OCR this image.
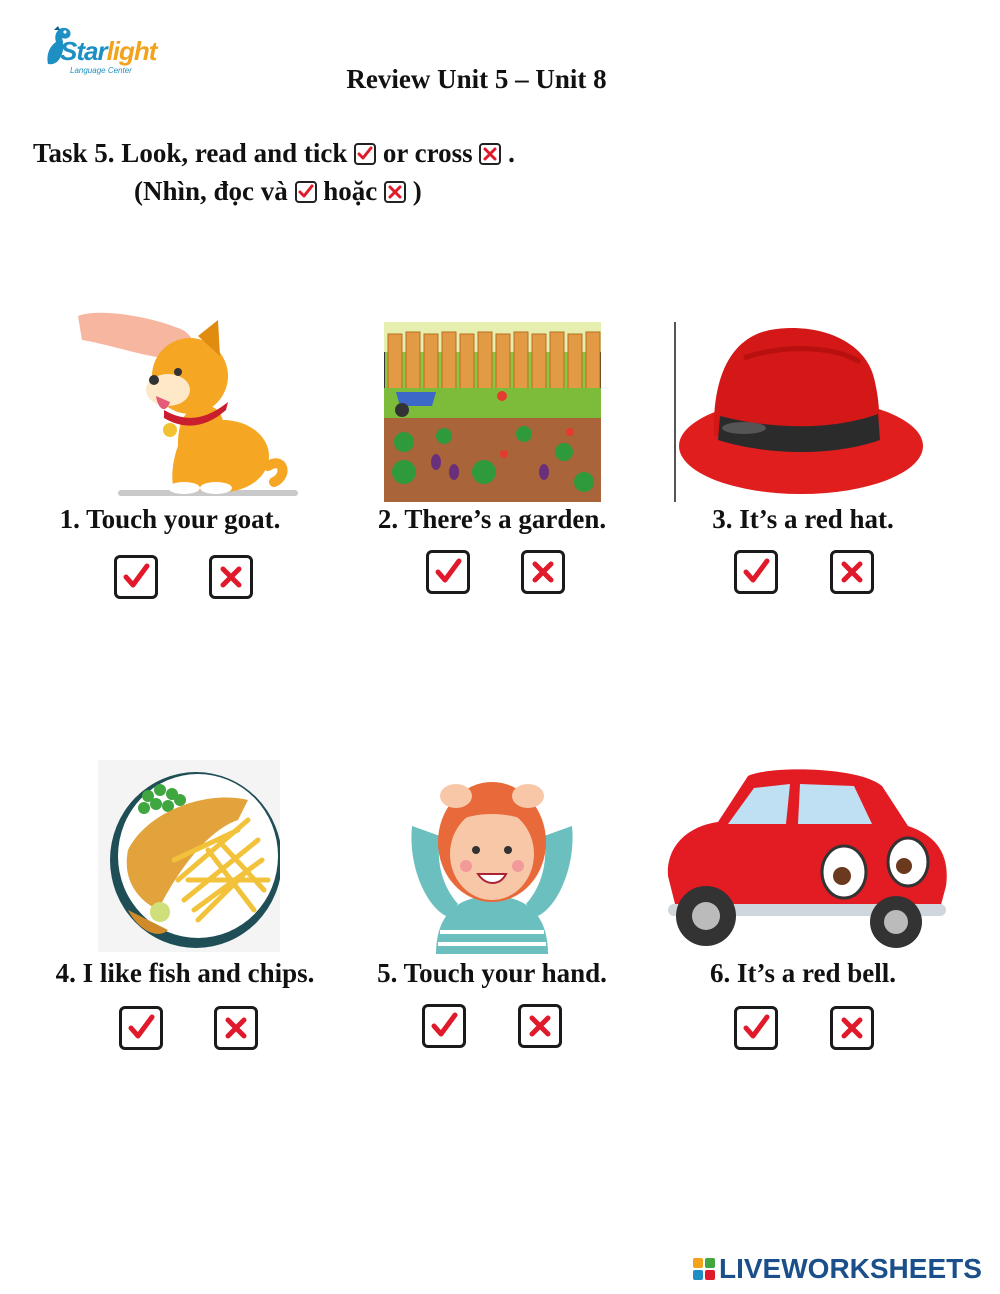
Starlight
Language Center	Review Unit 5 – Unit 8
Task 5. Look, read and tick or cross .
(Nhìn, đọc và hoặc )
1. Touch your goat.	2. There’s a garden.	3. It’s a red hat.
4. I like fish and chips.	5. Touch your hand.	6. It’s a red bell.
LIVEWORKSHEETS
